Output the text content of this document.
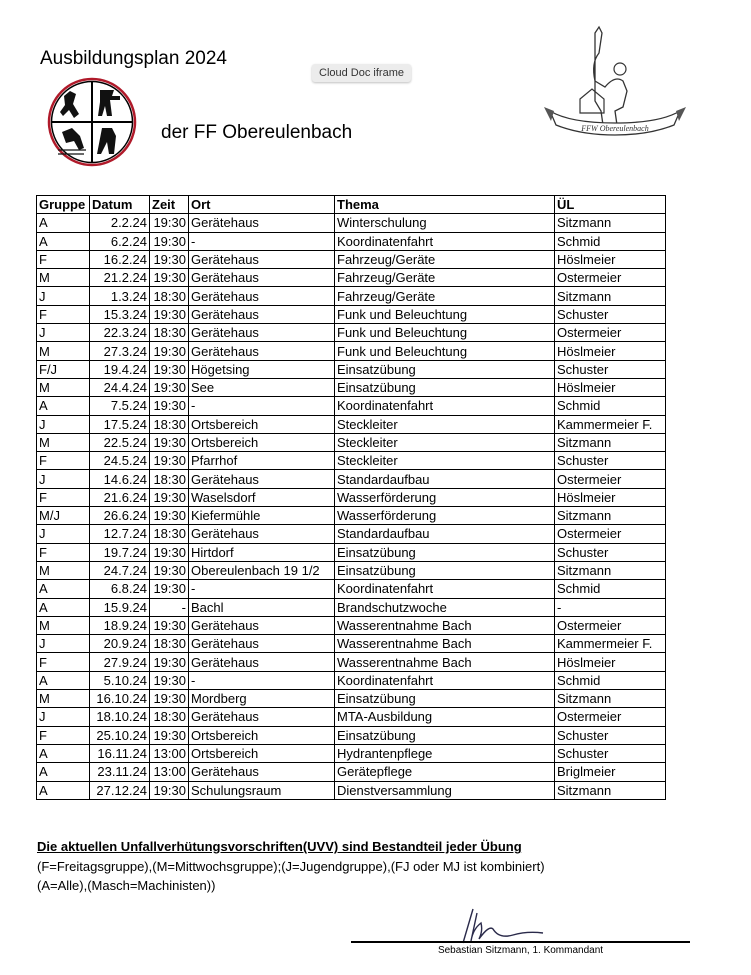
Ausbildungsplan 2024
Cloud Doc iframe
der FF Obereulenbach	FFW Obereulenbach
Gruppe	Datum	Zeit	Ort	Thema	ÜL
A	2.2.24	19:30	Gerätehaus	Winterschulung	Sitzmann
A	6.2.24	19:30	-	Koordinatenfahrt	Schmid
F	16.2.24	19:30	Gerätehaus	Fahrzeug/Geräte	Höslmeier
M	21.2.24	19:30	Gerätehaus	Fahrzeug/Geräte	Ostermeier
J	1.3.24	18:30	Gerätehaus	Fahrzeug/Geräte	Sitzmann
F	15.3.24	19:30	Gerätehaus	Funk und Beleuchtung	Schuster
J	22.3.24	18:30	Gerätehaus	Funk und Beleuchtung	Ostermeier
M	27.3.24	19:30	Gerätehaus	Funk und Beleuchtung	Höslmeier
F/J	19.4.24	19:30	Högetsing	Einsatzübung	Schuster
M	24.4.24	19:30	See	Einsatzübung	Höslmeier
A	7.5.24	19:30	-	Koordinatenfahrt	Schmid
J	17.5.24	18:30	Ortsbereich	Steckleiter	Kammermeier F.
M	22.5.24	19:30	Ortsbereich	Steckleiter	Sitzmann
F	24.5.24	19:30	Pfarrhof	Steckleiter	Schuster
J	14.6.24	18:30	Gerätehaus	Standardaufbau	Ostermeier
F	21.6.24	19:30	Waselsdorf	Wasserförderung	Höslmeier
M/J	26.6.24	19:30	Kiefermühle	Wasserförderung	Sitzmann
J	12.7.24	18:30	Gerätehaus	Standardaufbau	Ostermeier
F	19.7.24	19:30	Hirtdorf	Einsatzübung	Schuster
M	24.7.24	19:30	Obereulenbach 19 1/2	Einsatzübung	Sitzmann
A	6.8.24	19:30	-	Koordinatenfahrt	Schmid
A	15.9.24	-	Bachl	Brandschutzwoche	-
M	18.9.24	19:30	Gerätehaus	Wasserentnahme Bach	Ostermeier
J	20.9.24	18:30	Gerätehaus	Wasserentnahme Bach	Kammermeier F.
F	27.9.24	19:30	Gerätehaus	Wasserentnahme Bach	Höslmeier
A	5.10.24	19:30	-	Koordinatenfahrt	Schmid
M	16.10.24	19:30	Mordberg	Einsatzübung	Sitzmann
J	18.10.24	18:30	Gerätehaus	MTA-Ausbildung	Ostermeier
F	25.10.24	19:30	Ortsbereich	Einsatzübung	Schuster
A	16.11.24	13:00	Ortsbereich	Hydrantenpflege	Schuster
A	23.11.24	13:00	Gerätehaus	Gerätepflege	Briglmeier
A	27.12.24	19:30	Schulungsraum	Dienstversammlung	Sitzmann
Die aktuellen Unfallverhütungsvorschriften(UVV) sind Bestandteil jeder Übung
(F=Freitagsgruppe),(M=Mittwochsgruppe);(J=Jugendgruppe),(FJ oder MJ ist kombiniert)
(A=Alle),(Masch=Machinisten))
Sebastian Sitzmann, 1. Kommandant
